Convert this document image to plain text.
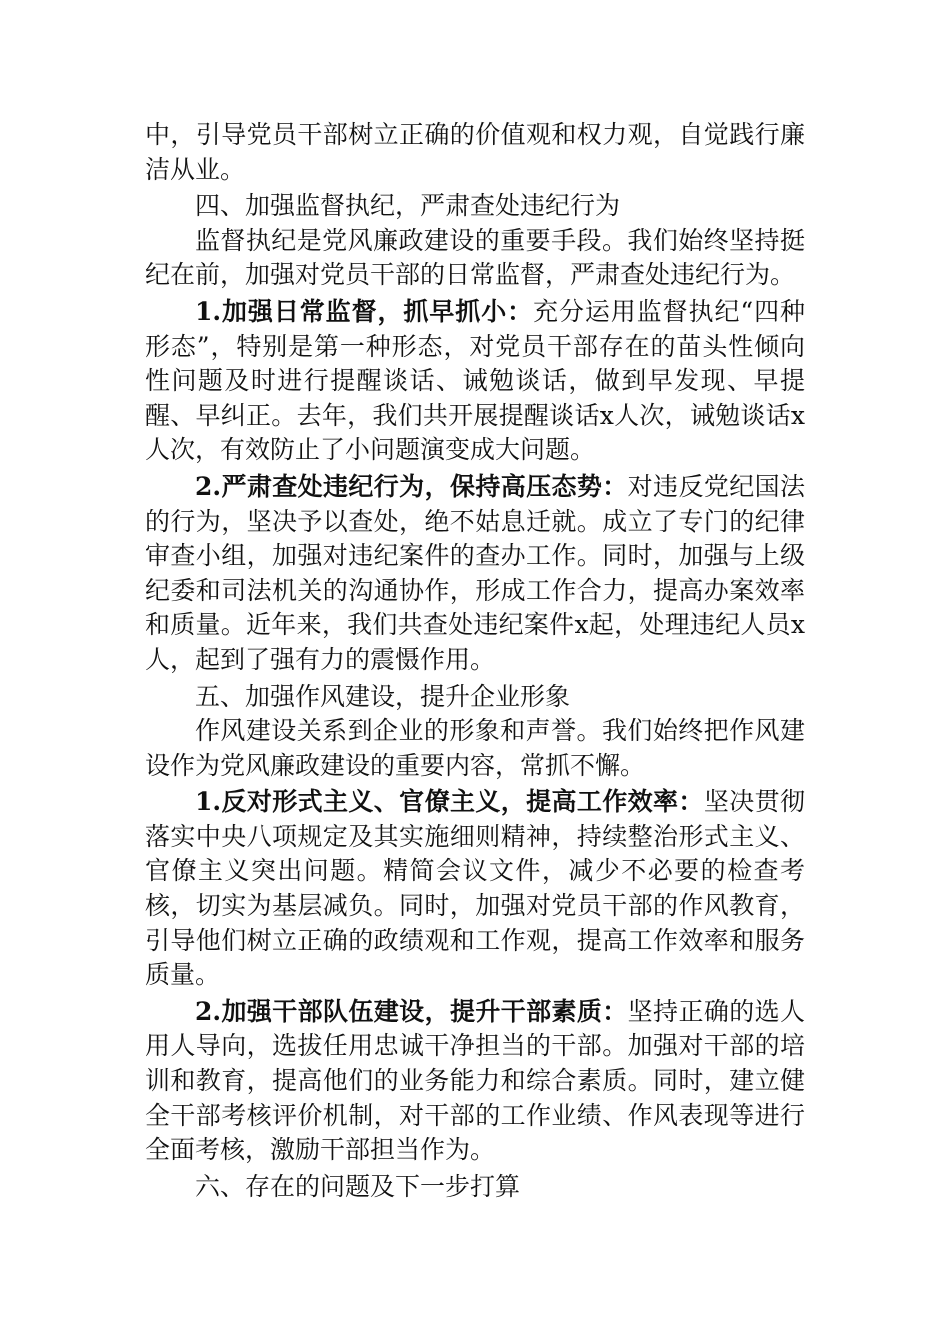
中，引导党员干部树立正确的价值观和权力观，自觉践行廉洁从业。

四、加强监督执纪，严肃查处违纪行为

监督执纪是党风廉政建设的重要手段。我们始终坚持挺纪在前，加强对党员干部的日常监督，严肃查处违纪行为。

1.加强日常监督，抓早抓小：充分运用监督执纪“四种形态”，特别是第一种形态，对党员干部存在的苗头性倾向性问题及时进行提醒谈话、诫勉谈话，做到早发现、早提醒、早纠正。去年，我们共开展提醒谈话x人次，诫勉谈话x人次，有效防止了小问题演变成大问题。

2.严肃查处违纪行为，保持高压态势：对违反党纪国法的行为，坚决予以查处，绝不姑息迁就。成立了专门的纪律审查小组，加强对违纪案件的查办工作。同时，加强与上级纪委和司法机关的沟通协作，形成工作合力，提高办案效率和质量。近年来，我们共查处违纪案件x起，处理违纪人员x人，起到了强有力的震慑作用。

五、加强作风建设，提升企业形象

作风建设关系到企业的形象和声誉。我们始终把作风建设作为党风廉政建设的重要内容，常抓不懈。

1.反对形式主义、官僚主义，提高工作效率：坚决贯彻落实中央八项规定及其实施细则精神，持续整治形式主义、官僚主义突出问题。精简会议文件，减少不必要的检查考核，切实为基层减负。同时，加强对党员干部的作风教育，引导他们树立正确的政绩观和工作观，提高工作效率和服务质量。

2.加强干部队伍建设，提升干部素质：坚持正确的选人用人导向，选拔任用忠诚干净担当的干部。加强对干部的培训和教育，提高他们的业务能力和综合素质。同时，建立健全干部考核评价机制，对干部的工作业绩、作风表现等进行全面考核，激励干部担当作为。

六、存在的问题及下一步打算
